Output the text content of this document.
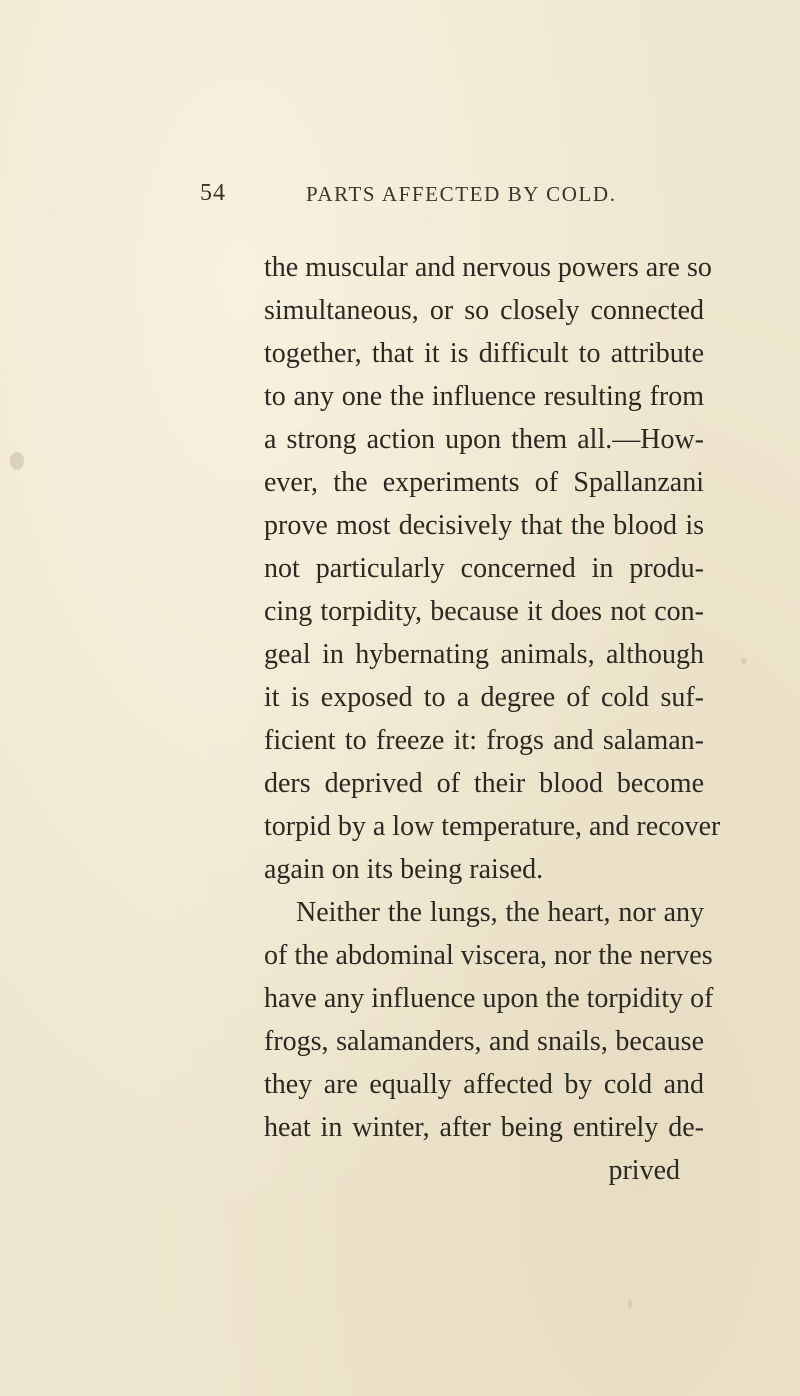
54	PARTS AFFECTED BY COLD.
the muscular and nervous powers are so
simultaneous, or so closely connected
together, that it is difficult to attribute
to any one the influence resulting from
a strong action upon them all.—How-
ever, the experiments of Spallanzani
prove most decisively that the blood is
not particularly concerned in produ-
cing torpidity, because it does not con-
geal in hybernating animals, although
it is exposed to a degree of cold suf-
ficient to freeze it: frogs and salaman-
ders deprived of their blood become
torpid by a low temperature, and recover
again on its being raised.
Neither the lungs, the heart, nor any
of the abdominal viscera, nor the nerves
have any influence upon the torpidity of
frogs, salamanders, and snails, because
they are equally affected by cold and
heat in winter, after being entirely de-
prived
